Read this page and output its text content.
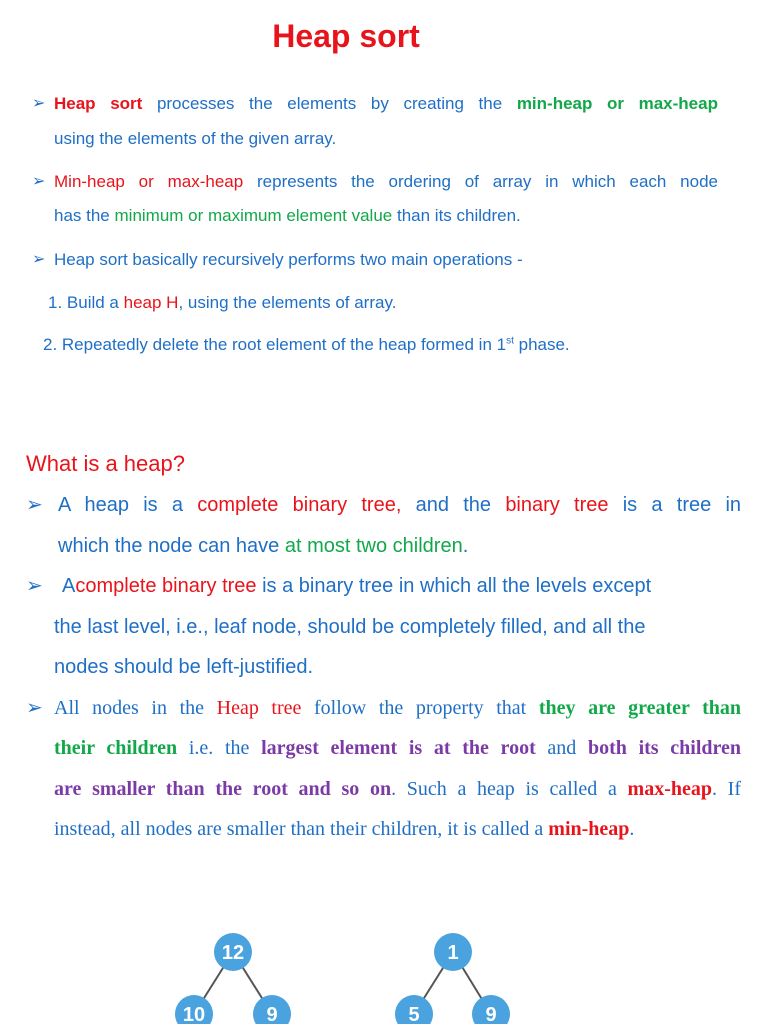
Heap sort
➢ Heap sort processes the elements by creating the min-heap or max-heap
using the elements of the given array.
➢ Min-heap or max-heap represents the ordering of array in which each node
has the minimum or maximum element value than its children.
➢ Heap sort basically recursively performs two main operations -
1. Build a heap H, using the elements of array.
2. Repeatedly delete the root element of the heap formed in 1st phase.
What is a heap?
➢ A heap is a complete binary tree, and the binary tree is a tree in
which the node can have at most two children.
➢ Acomplete binary tree is a binary tree in which all the levels except
the last level, i.e., leaf node, should be completely filled, and all the
nodes should be left-justified.
➢ All nodes in the Heap tree follow the property that they are greater than
their children i.e. the largest element is at the root and both its children
are smaller than the root and so on. Such a heap is called a max-heap. If
instead, all nodes are smaller than their children, it is called a min-heap.
12
10	9
1
5	9
